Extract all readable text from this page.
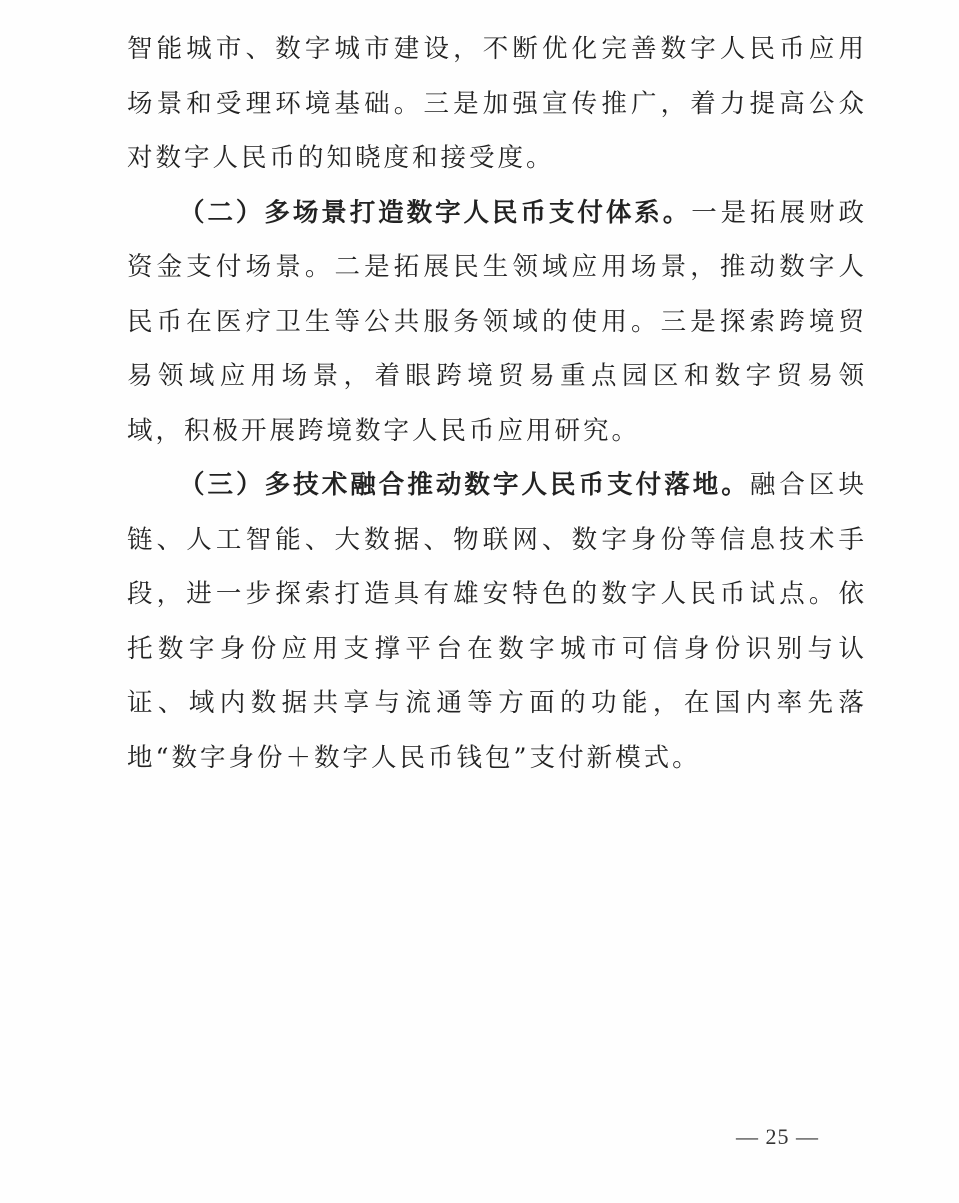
智能城市、数字城市建设，不断优化完善数字人民币应用场景和受理环境基础。三是加强宣传推广，着力提高公众对数字人民币的知晓度和接受度。

（二）多场景打造数字人民币支付体系。一是拓展财政资金支付场景。二是拓展民生领域应用场景，推动数字人民币在医疗卫生等公共服务领域的使用。三是探索跨境贸易领域应用场景，着眼跨境贸易重点园区和数字贸易领域，积极开展跨境数字人民币应用研究。

（三）多技术融合推动数字人民币支付落地。融合区块链、人工智能、大数据、物联网、数字身份等信息技术手段，进一步探索打造具有雄安特色的数字人民币试点。依托数字身份应用支撑平台在数字城市可信身份识别与认证、域内数据共享与流通等方面的功能，在国内率先落地“数字身份＋数字人民币钱包”支付新模式。

— 25 —
